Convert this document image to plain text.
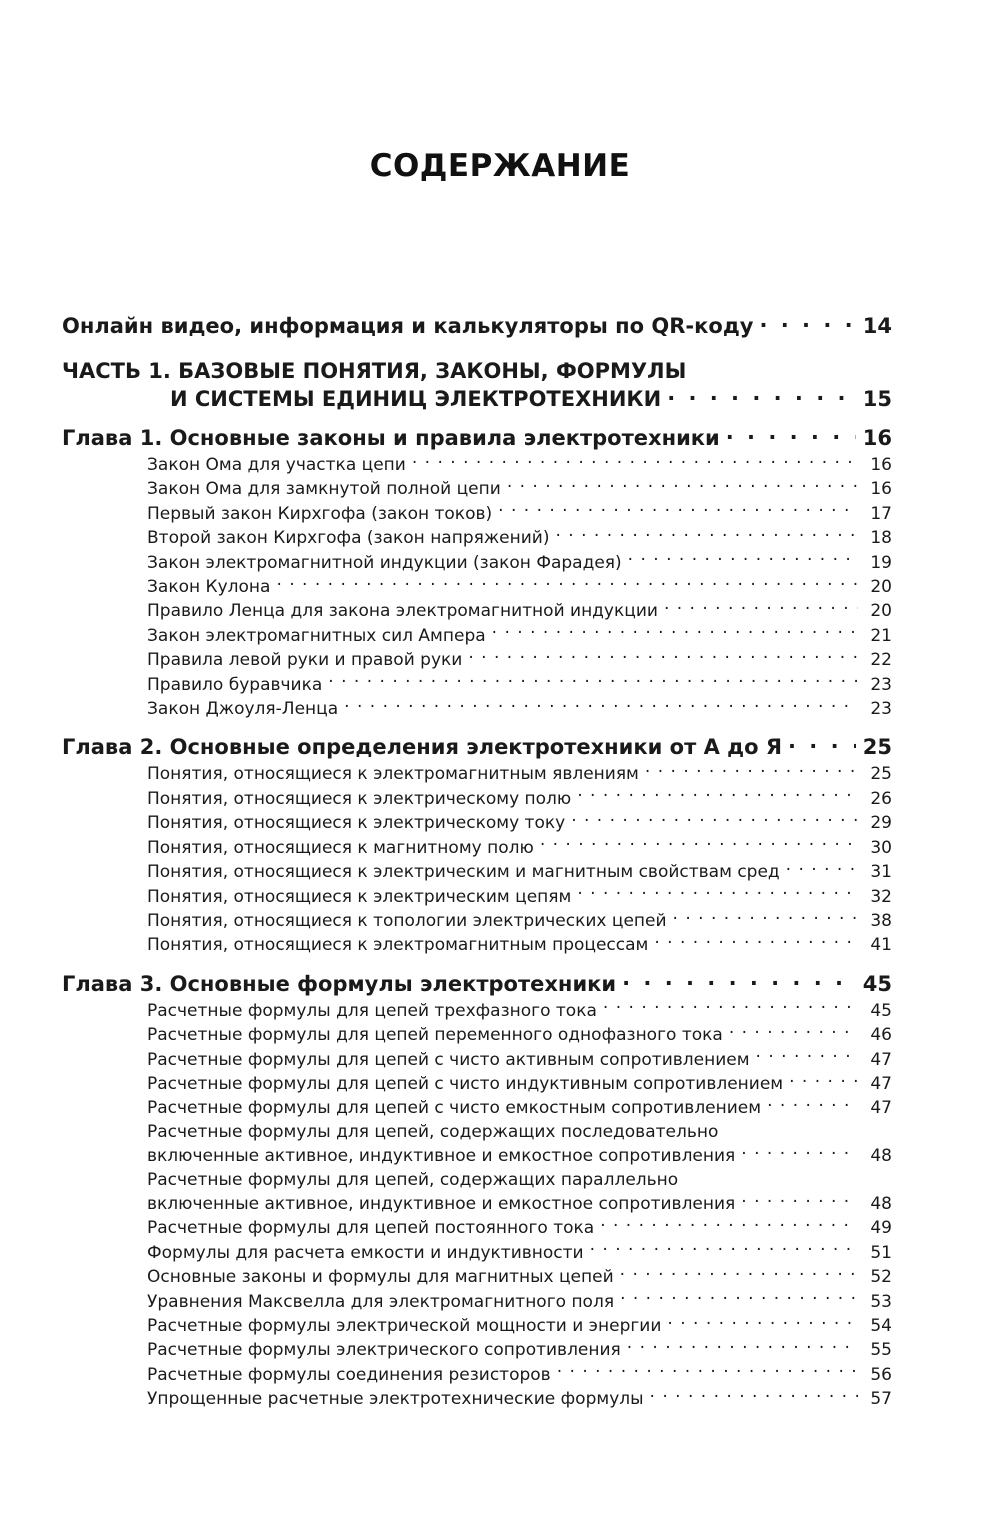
СОДЕРЖАНИЕ
Онлайн видео, информация и калькуляторы по QR-коду . . .	14
ЧАСТЬ 1. БАЗОВЫЕ ПОНЯТИЯ, ЗАКОНЫ, ФОРМУЛЫ
И СИСТЕМЫ ЕДИНИЦ ЭЛЕКТРОТЕХНИКИ . . .	15
Глава 1. Основные законы и правила электротехники . . .	16
Закон Ома для участка цепи . . .	16
Закон Ома для замкнутой полной цепи . . .	16
Первый закон Кирхгофа (закон токов) . . .	17
Второй закон Кирхгофа (закон напряжений) . . .	18
Закон электромагнитной индукции (закон Фарадея) . . .	19
Закон Кулона . . .	20
Правило Ленца для закона электромагнитной индукции . . .	20
Закон электромагнитных сил Ампера . . .	21
Правила левой руки и правой руки . . .	22
Правило буравчика . . .	23
Закон Джоуля-Ленца . . .	23
Глава 2. Основные определения электротехники от А до Я . . .	25
Понятия, относящиеся к электромагнитным явлениям . . .	25
Понятия, относящиеся к электрическому полю . . .	26
Понятия, относящиеся к электрическому току . . .	29
Понятия, относящиеся к магнитному полю . . .	30
Понятия, относящиеся к электрическим и магнитным свойствам сред . . .	31
Понятия, относящиеся к электрическим цепям . . .	32
Понятия, относящиеся к топологии электрических цепей . . .	38
Понятия, относящиеся к электромагнитным процессам . . .	41
Глава 3. Основные формулы электротехники . . .	45
Расчетные формулы для цепей трехфазного тока . . .	45
Расчетные формулы для цепей переменного однофазного тока . . .	46
Расчетные формулы для цепей с чисто активным сопротивлением . . .	47
Расчетные формулы для цепей с чисто индуктивным сопротивлением . . .	47
Расчетные формулы для цепей с чисто емкостным сопротивлением . . .	47
Расчетные формулы для цепей, содержащих последовательно
включенные активное, индуктивное и емкостное сопротивления . . .	48
Расчетные формулы для цепей, содержащих параллельно
включенные активное, индуктивное и емкостное сопротивления . . .	48
Расчетные формулы для цепей постоянного тока . . .	49
Формулы для расчета емкости и индуктивности . . .	51
Основные законы и формулы для магнитных цепей . . .	52
Уравнения Максвелла для электромагнитного поля . . .	53
Расчетные формулы электрической мощности и энергии . . .	54
Расчетные формулы электрического сопротивления . . .	55
Расчетные формулы соединения резисторов . . .	56
Упрощенные расчетные электротехнические формулы . . .	57
